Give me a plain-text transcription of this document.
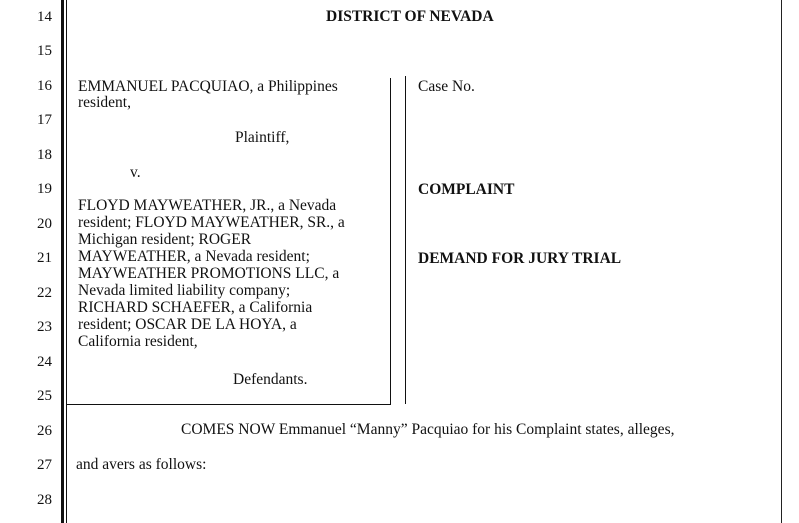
14
15
16
17
18
19
20
21
22
23
24
25
26
27
28
DISTRICT OF NEVADA
EMMANUEL PACQUIAO, a Philippines
resident,
Plaintiff,
v.
FLOYD MAYWEATHER, JR., a Nevada
resident; FLOYD MAYWEATHER, SR., a
Michigan resident; ROGER
MAYWEATHER, a Nevada resident;
MAYWEATHER PROMOTIONS LLC, a
Nevada limited liability company;
RICHARD SCHAEFER, a California
resident; OSCAR DE LA HOYA, a
California resident,
Defendants.
Case No.
COMPLAINT
DEMAND FOR JURY TRIAL
COMES NOW Emmanuel “Manny” Pacquiao for his Complaint states, alleges,
and avers as follows:
